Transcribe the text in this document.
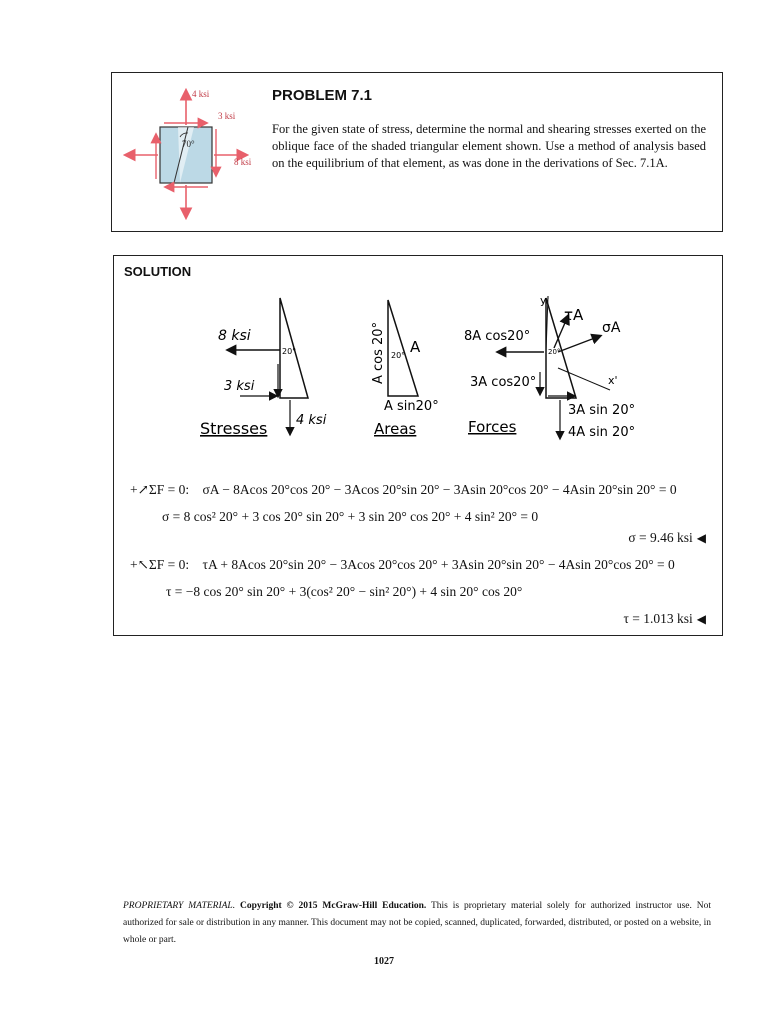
4 ksi
3 ksi
8 ksi
70°
PROBLEM 7.1

For the given state of stress, determine the normal and shearing stresses exerted on the oblique face of the shaded triangular element shown. Use a method of analysis based on the equilibrium of that element, as was done in the derivations of Sec. 7.1A.

SOLUTION
8 ksi
3 ksi
4 ksi
20°
Stresses
A
20°
A cos 20°
A sin20°
Areas
y'
τA
σA
8A cos20°
20°
3A cos20°	x'
3A sin 20°
4A sin 20°
Forces
+↗ΣF = 0: σA − 8Acos 20°cos 20° − 3Acos 20°sin 20° − 3Asin 20°cos 20° − 4Asin 20°sin 20° = 0
σ = 8 cos² 20° + 3 cos 20° sin 20° + 3 sin 20° cos 20° + 4 sin² 20° = 0
σ = 9.46 ksi ◀
+↖ΣF = 0: τA + 8Acos 20°sin 20° − 3Acos 20°cos 20° + 3Asin 20°sin 20° − 4Asin 20°cos 20° = 0
τ = −8 cos 20° sin 20° + 3(cos² 20° − sin² 20°) + 4 sin 20° cos 20°
τ = 1.013 ksi ◀
PROPRIETARY MATERIAL. Copyright © 2015 McGraw-Hill Education. This is proprietary material solely for authorized instructor use. Not authorized for sale or distribution in any manner. This document may not be copied, scanned, duplicated, forwarded, distributed, or posted on a website, in whole or part.
1027
